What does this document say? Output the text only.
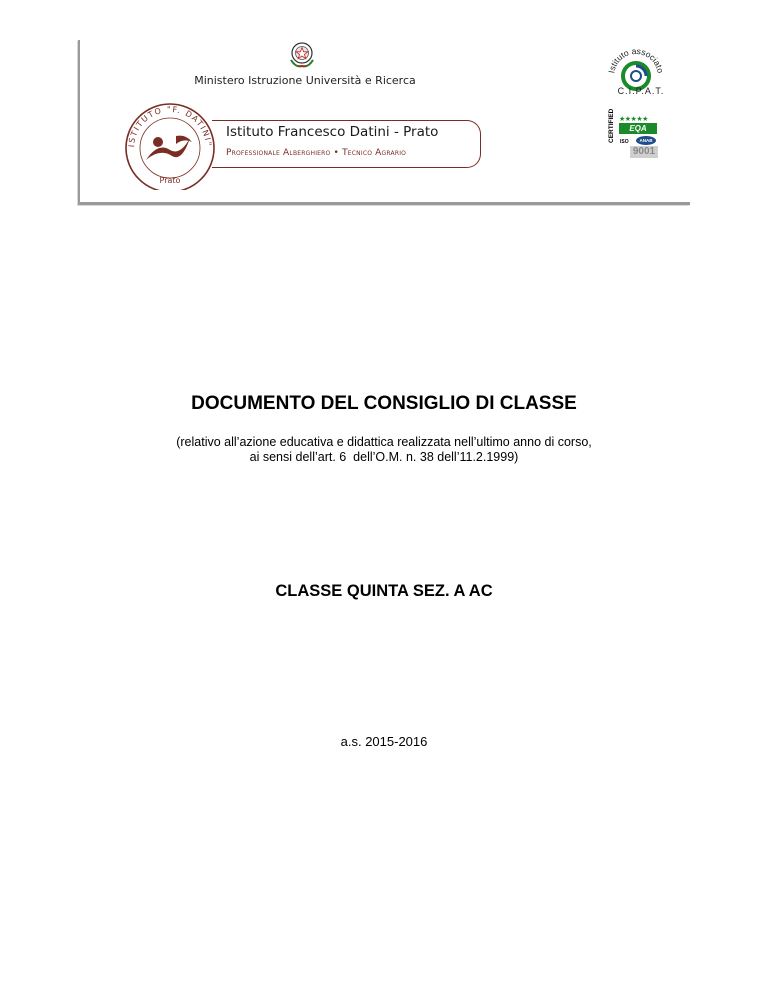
Ministero Istruzione Università e Ricerca
ISTITUTO "F. DATINI"
Prato
Istituto Francesco Datini - Prato
Professionale Alberghiero • Tecnico Agrario
Istituto associato
C.I.P.A.T.
CERTIFIED ★★★★★
EQA
ISO	ANAB
9001
DOCUMENTO DEL CONSIGLIO DI CLASSE
(relativo all’azione educativa e didattica realizzata nell’ultimo anno di corso,
ai sensi dell’art. 6  dell’O.M. n. 38 dell’11.2.1999)
CLASSE QUINTA SEZ. A AC
a.s. 2015-2016
